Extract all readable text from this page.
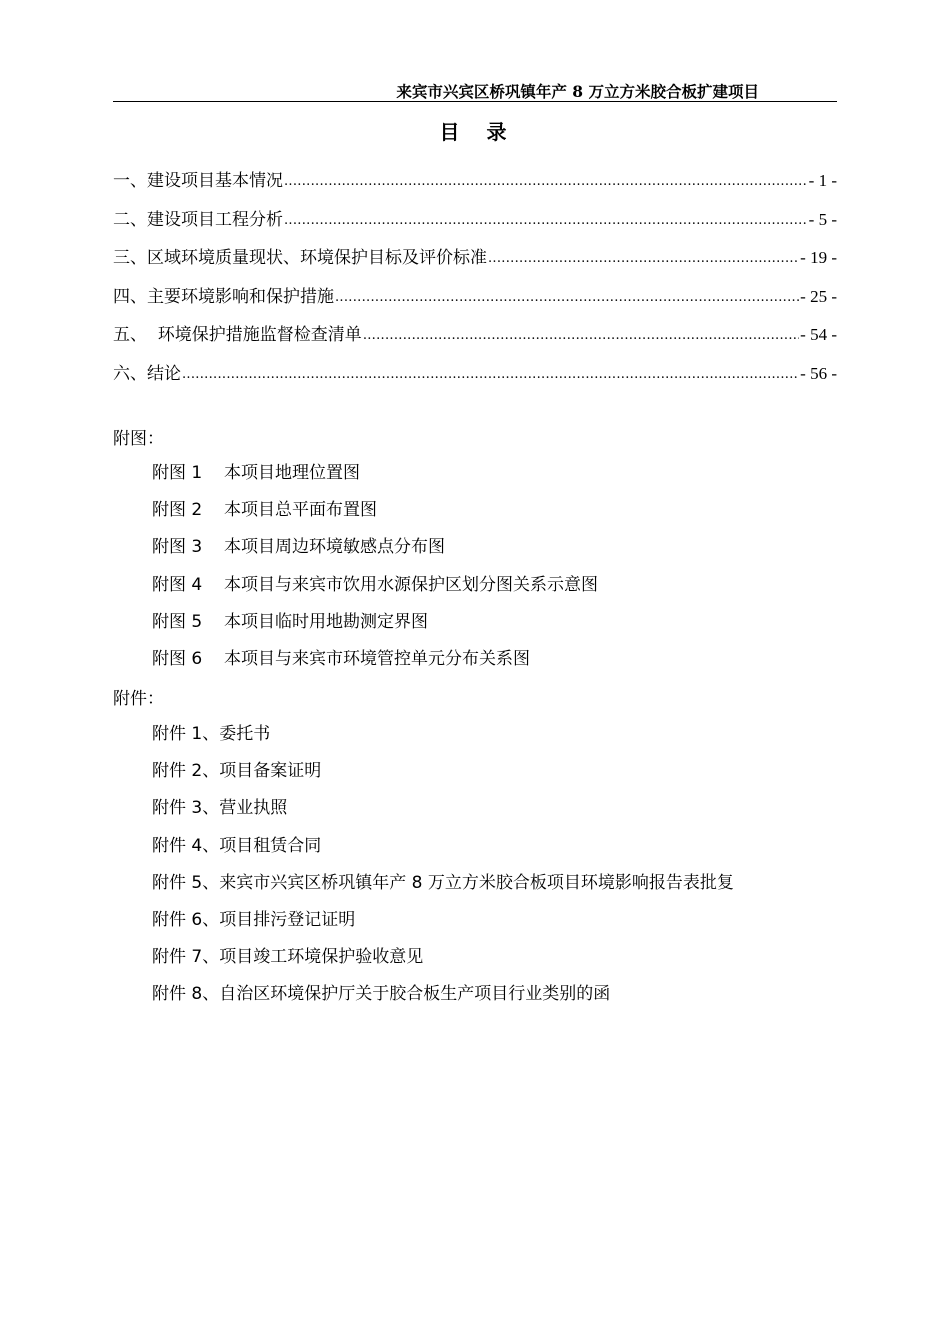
来宾市兴宾区桥巩镇年产 8 万立方米胶合板扩建项目
目 录
一、建设项目基本情况 .....	- 1 -
二、建设项目工程分析 .....	- 5 -
三、区域环境质量现状、环境保护目标及评价标准 .....	- 19 -
四、主要环境影响和保护措施 .....	- 25 -
五、  环境保护措施监督检查清单 .....	- 54 -
六、结论 .....	- 56 -
附图：
附图 1 本项目地理位置图
附图 2 本项目总平面布置图
附图 3 本项目周边环境敏感点分布图
附图 4 本项目与来宾市饮用水源保护区划分图关系示意图
附图 5 本项目临时用地勘测定界图
附图 6 本项目与来宾市环境管控单元分布关系图
附件：
附件 1、委托书
附件 2、项目备案证明
附件 3、营业执照
附件 4、项目租赁合同
附件 5、来宾市兴宾区桥巩镇年产 8 万立方米胶合板项目环境影响报告表批复
附件 6、项目排污登记证明
附件 7、项目竣工环境保护验收意见
附件 8、自治区环境保护厅关于胶合板生产项目行业类别的函
